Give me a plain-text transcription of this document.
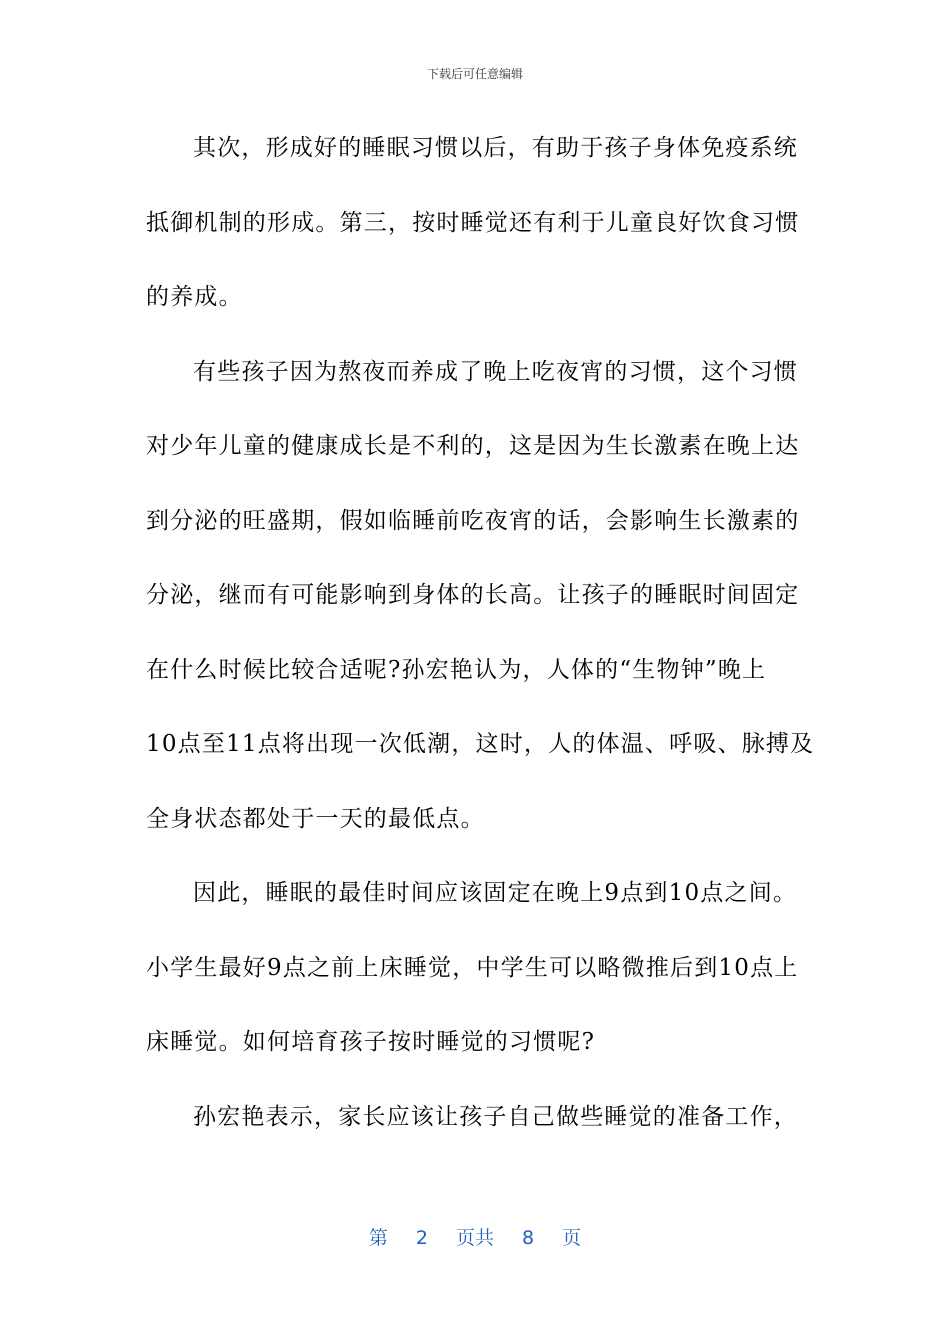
下载后可任意编辑
其次，形成好的睡眠习惯以后，有助于孩子身体免疫系统
抵御机制的形成。第三，按时睡觉还有利于儿童良好饮食习惯
的养成。
有些孩子因为熬夜而养成了晚上吃夜宵的习惯，这个习惯
对少年儿童的健康成长是不利的，这是因为生长激素在晚上达
到分泌的旺盛期，假如临睡前吃夜宵的话，会影响生长激素的
分泌，继而有可能影响到身体的长高。让孩子的睡眠时间固定
在什么时候比较合适呢?孙宏艳认为，人体的“生物钟”晚上
10点至11点将出现一次低潮，这时，人的体温、呼吸、脉搏及
全身状态都处于一天的最低点。
因此，睡眠的最佳时间应该固定在晚上9点到10点之间。
小学生最好9点之前上床睡觉，中学生可以略微推后到10点上
床睡觉。如何培育孩子按时睡觉的习惯呢?
孙宏艳表示，家长应该让孩子自己做些睡觉的准备工作，
第 2 页共 8 页
